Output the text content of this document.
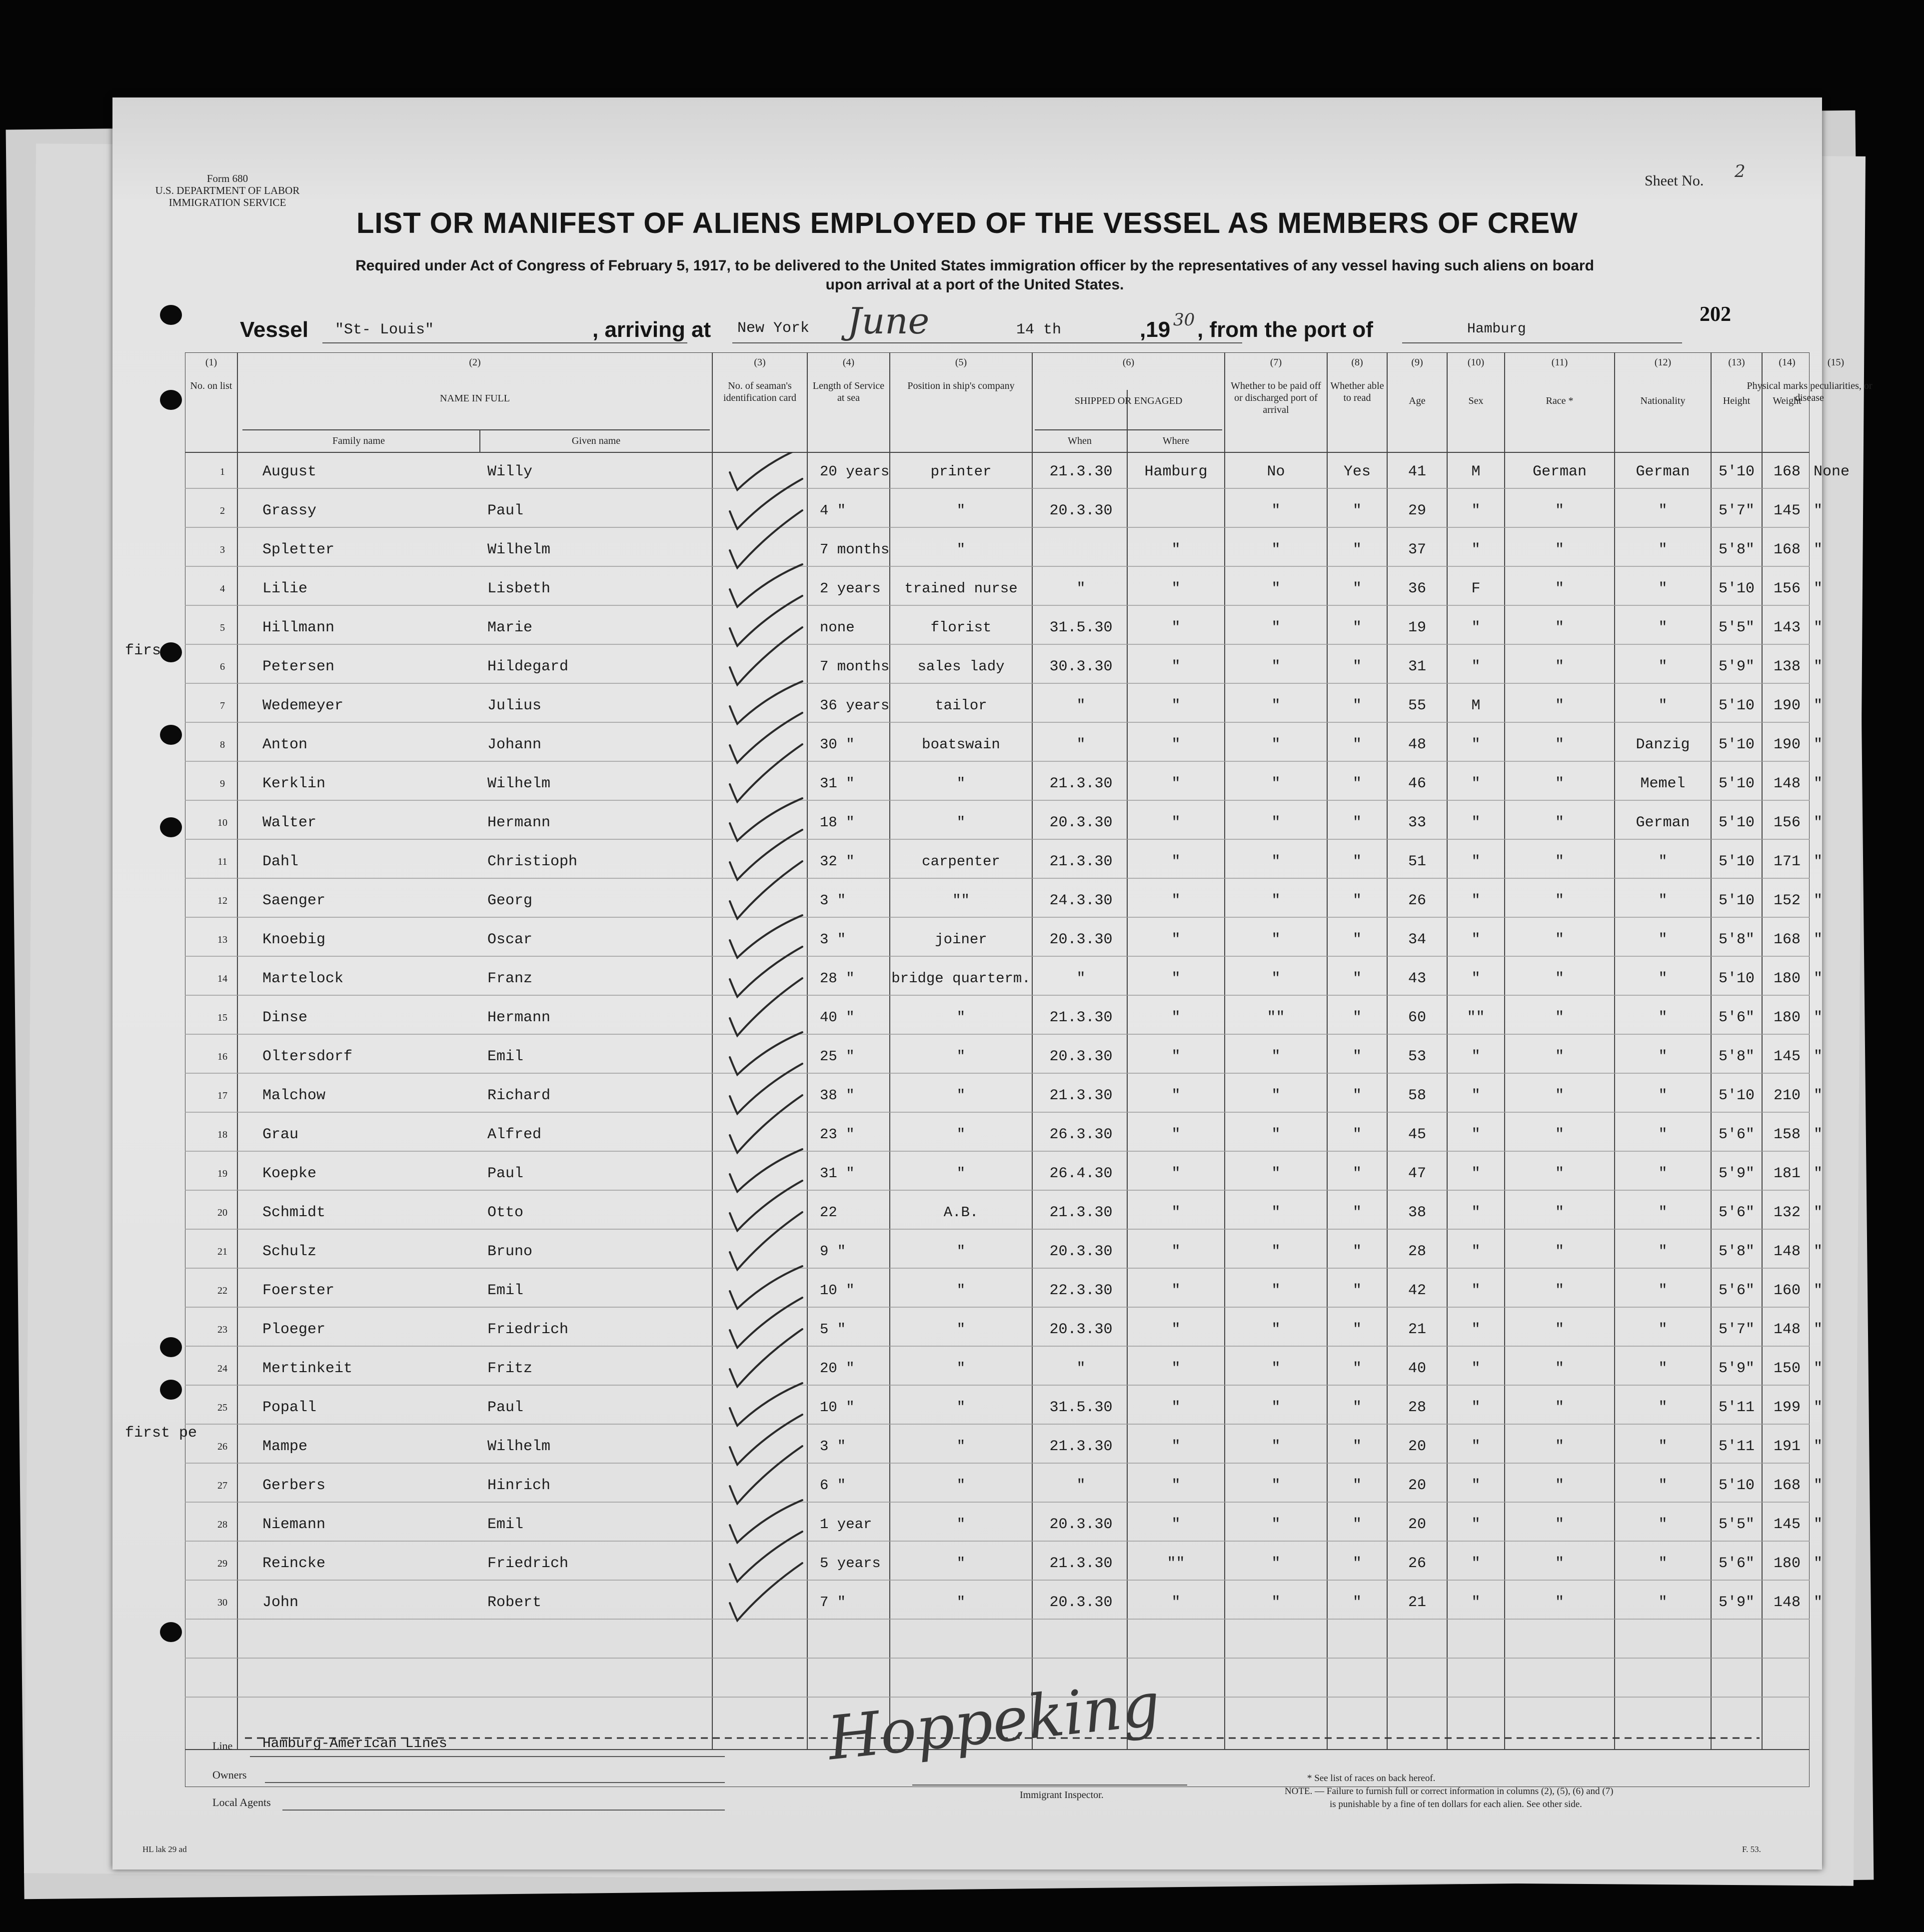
Form 680
U.S. DEPARTMENT OF LABOR
IMMIGRATION SERVICE
Sheet No. 2
LIST OR MANIFEST OF ALIENS EMPLOYED OF THE VESSEL AS MEMBERS OF CREW
Required under Act of Congress of February 5, 1917, to be delivered to the United States immigration officer by the representatives of any vessel having such aliens on board
upon arrival at a port of the United States.
Vessel "St- Louis"	, arriving at New York June	14 th	,19 30 , from the port of	Hamburg
202
(1)
No. on list
(2)
NAME IN FULL
(3)
No. of seaman's identification card
(4)
Length of Service at sea
(5)
Position in ship's company
(6)
SHIPPED OR ENGAGED
(7)
Whether to be paid off or discharged port of arrival
(8)
Whether able to read
(9)
Age
(10)
Sex
(11)
Race *
(12)
Nationality
(13)
Height
(14)
Weight
(15)
Physical marks peculiarities, or disease
Family name	Given name	When	Where
firs
first pe
1	August	Willy	20 years	printer	21.3.30	Hamburg	No	Yes	41	M	German	German	5'10	168 None
2	Grassy	Paul	4 "	"	20.3.30	"	"	29	"	"	"	5'7"	145 "
3	Spletter	Wilhelm	7 months	"	"	"	"	37	"	"	"	5'8"	168 "
4	Lilie	Lisbeth	2 years	trained nurse	"	"	"	"	36	F	"	"	5'10	156 "
5	Hillmann	Marie	none	florist	31.5.30	"	"	"	19	"	"	"	5'5"	143 "
6	Petersen	Hildegard	7 months	sales lady	30.3.30	"	"	"	31	"	"	"	5'9"	138 "
7	Wedemeyer	Julius	36 years	tailor	"	"	"	"	55	M	"	"	5'10	190 "
8	Anton	Johann	30 "	boatswain	"	"	"	"	48	"	"	Danzig	5'10	190 "
9	Kerklin	Wilhelm	31 "	"	21.3.30	"	"	"	46	"	"	Memel	5'10	148 "
10	Walter	Hermann	18 "	"	20.3.30	"	"	"	33	"	"	German	5'10	156 "
11	Dahl	Christioph	32 "	carpenter	21.3.30	"	"	"	51	"	"	"	5'10	171 "
12	Saenger	Georg	3 "	""	24.3.30	"	"	"	26	"	"	"	5'10	152 "
13	Knoebig	Oscar	3 "	joiner	20.3.30	"	"	"	34	"	"	"	5'8"	168 "
14	Martelock	Franz	28 "	bridge quarterm.	"	"	"	"	43	"	"	"	5'10	180 "
15	Dinse	Hermann	40 "	"	21.3.30	"	""	"	60	""	"	"	5'6"	180 "
16	Oltersdorf	Emil	25 "	"	20.3.30	"	"	"	53	"	"	"	5'8"	145 "
17	Malchow	Richard	38 "	"	21.3.30	"	"	"	58	"	"	"	5'10	210 "
18	Grau	Alfred	23 "	"	26.3.30	"	"	"	45	"	"	"	5'6"	158 "
19	Koepke	Paul	31 "	"	26.4.30	"	"	"	47	"	"	"	5'9"	181 "
20	Schmidt	Otto	22	A.B.	21.3.30	"	"	"	38	"	"	"	5'6"	132 "
21	Schulz	Bruno	9 "	"	20.3.30	"	"	"	28	"	"	"	5'8"	148 "
22	Foerster	Emil	10 "	"	22.3.30	"	"	"	42	"	"	"	5'6"	160 "
23	Ploeger	Friedrich	5 "	"	20.3.30	"	"	"	21	"	"	"	5'7"	148 "
24	Mertinkeit	Fritz	20 "	"	"	"	"	"	40	"	"	"	5'9"	150 "
25	Popall	Paul	10 "	"	31.5.30	"	"	"	28	"	"	"	5'11	199 "
26	Mampe	Wilhelm	3 "	"	21.3.30	"	"	"	20	"	"	"	5'11	191 "
27	Gerbers	Hinrich	6 "	"	"	"	"	"	20	"	"	"	5'10	168 "
28	Niemann	Emil	1 year	"	20.3.30	"	"	"	20	"	"	"	5'5"	145 "
29	Reincke	Friedrich	5 years	"	21.3.30	""	"	"	26	"	"	"	5'6"	180 "
30	John	Robert	7 "	"	20.3.30	"	"	"	21	"	"	"	5'9"	148 "
Line Hamburg-American Lines
Owners
Local Agents
Hoppeking
Immigrant Inspector.
* See list of races on back hereof.
NOTE. — Failure to furnish full or correct information in columns (2), (5), (6) and (7)
is punishable by a fine of ten dollars for each alien. See other side.
HL lak 29 ad	F. 53.
